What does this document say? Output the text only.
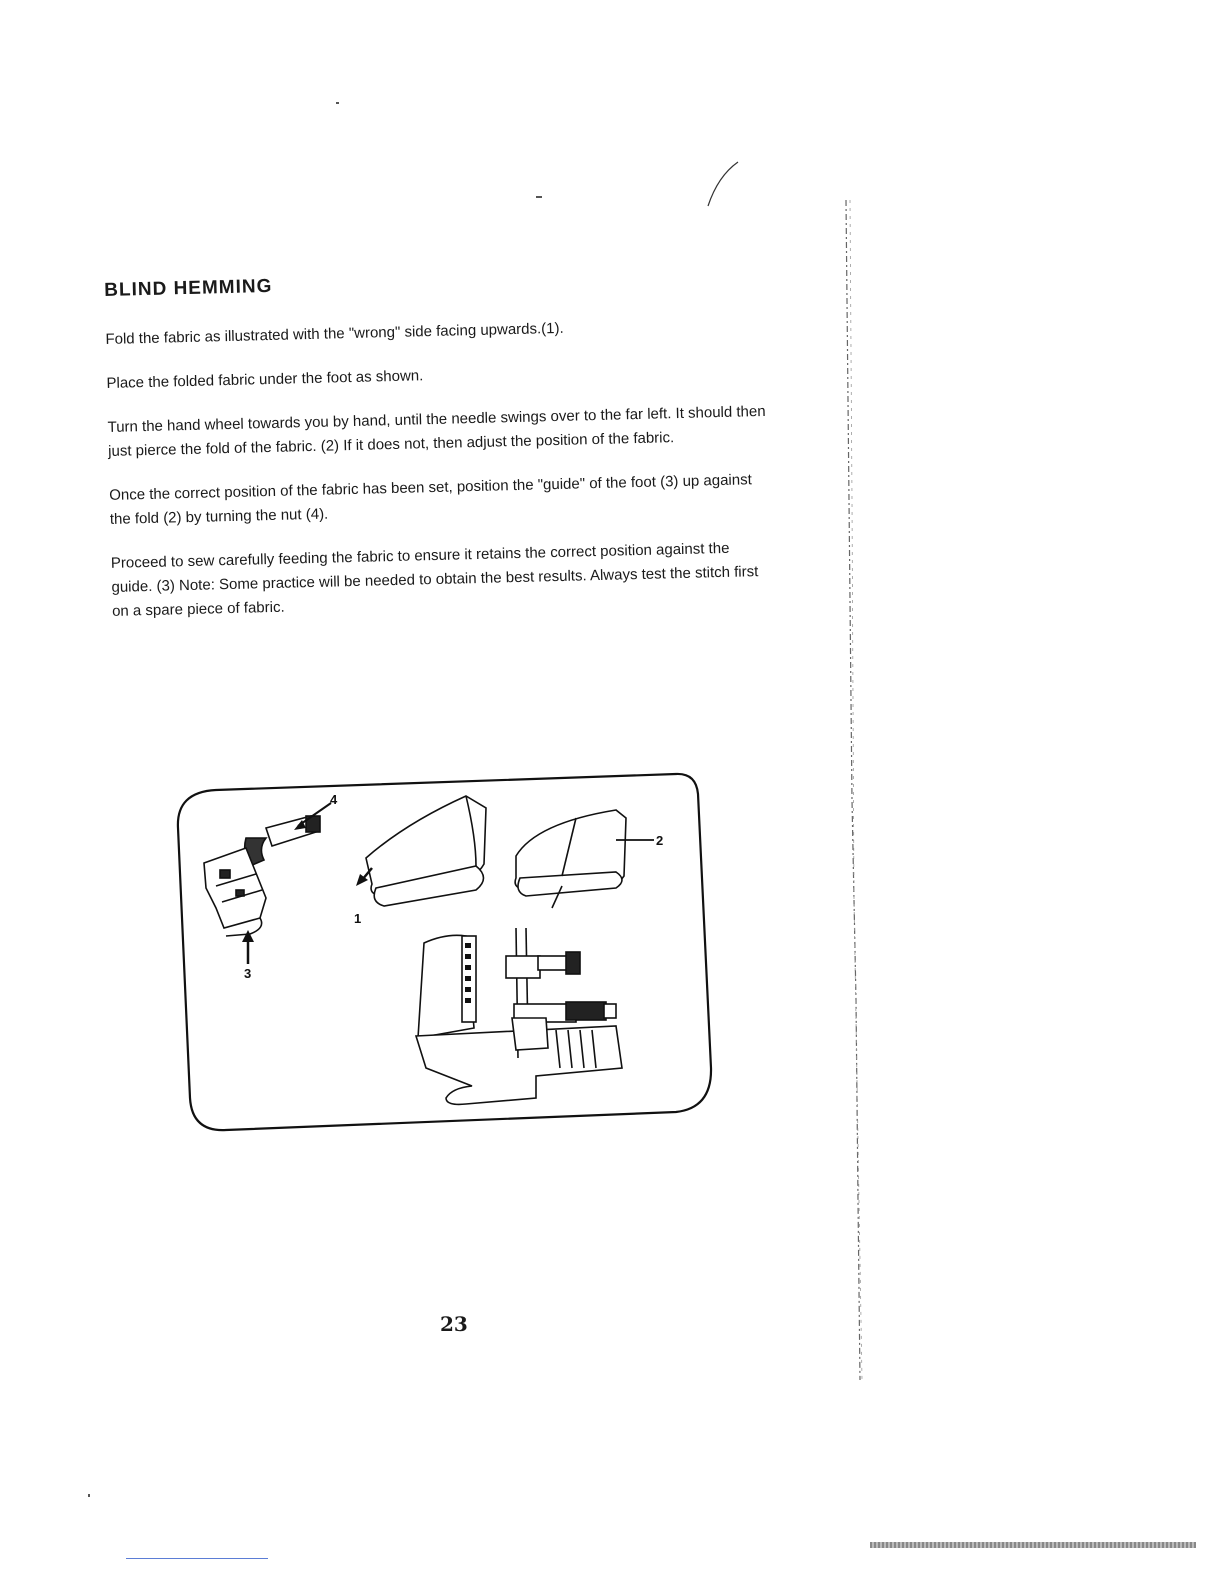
BLIND HEMMING

Fold the fabric as illustrated with the "wrong" side facing upwards.(1).

Place the folded fabric under the foot as shown.

Turn the hand wheel towards you by hand, until the needle swings over to the far left. It should then just pierce the fold of the fabric. (2) If it does not, then adjust the position of the fabric.

Once the correct position of the fabric has been set, position the "guide" of the foot (3) up against the fold (2) by turning the nut (4).

Proceed to sew carefully feeding the fabric to ensure it retains the correct position against the guide. (3) Note: Some practice will be needed to obtain the best results. Always test the stitch first on a spare piece of fabric.

4
2
1
3
23
